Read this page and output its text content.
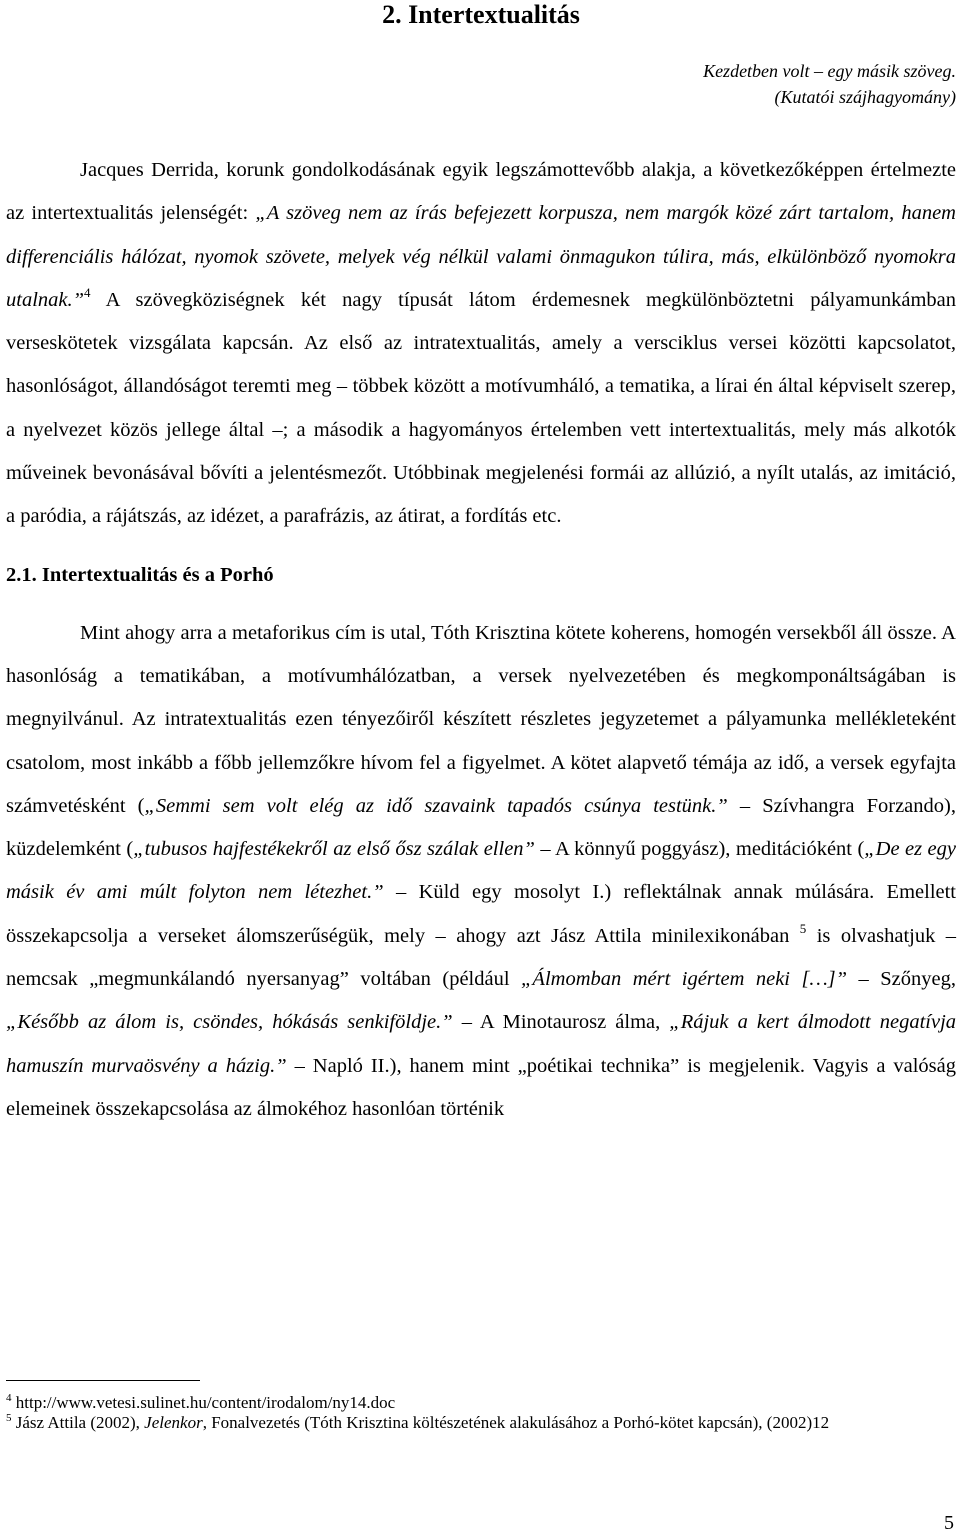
2. Intertextualitás
Kezdetben volt – egy másik szöveg.
(Kutatói szájhagyomány)

Jacques Derrida, korunk gondolkodásának egyik legszámottevőbb alakja, a következőképpen értelmezte az intertextualitás jelenségét: „A szöveg nem az írás befejezett korpusza, nem margók közé zárt tartalom, hanem differenciális hálózat, nyomok szövete, melyek vég nélkül valami önmagukon túlira, más, elkülönböző nyomokra utalnak.”$^4$ A szövegköziségnek két nagy típusát látom érdemesnek megkülönböztetni pályamunkámban verseskötetek vizsgálata kapcsán. Az első az intratextualitás, amely a versciklus versei közötti kapcsolatot, hasonlóságot, állandóságot teremti meg – többek között a motívumháló, a tematika, a lírai én által képviselt szerep, a nyelvezet közös jellege által –; a második a hagyományos értelemben vett intertextualitás, mely más alkotók műveinek bevonásával bővíti a jelentésmezőt. Utóbbinak megjelenési formái az allúzió, a nyílt utalás, az imitáció, a paródia, a rájátszás, az idézet, a parafrázis, az átirat, a fordítás etc.

2.1. Intertextualitás és a Porhó

Mint ahogy arra a metaforikus cím is utal, Tóth Krisztina kötete koherens, homogén versekből áll össze. A hasonlóság a tematikában, a motívumhálózatban, a versek nyelvezetében és megkomponáltságában is megnyilvánul. Az intratextualitás ezen tényezőiről készített részletes jegyzetemet a pályamunka mellékleteként csatolom, most inkább a főbb jellemzőkre hívom fel a figyelmet. A kötet alapvető témája az idő, a versek egyfajta számvetésként („Semmi sem volt elég az idő szavaink tapadós csúnya testünk.” – Szívhangra Forzando), küzdelemként („tubusos hajfestékekről az első ősz szálak ellen” – A könnyű poggyász), meditációként („De ez egy másik év ami múlt folyton nem létezhet.” – Küld egy mosolyt I.) reflektálnak annak múlására. Emellett összekapcsolja a verseket álomszerűségük, mely – ahogy azt Jász Attila minilexikonában $^5$ is olvashatjuk – nemcsak „megmunkálandó nyersanyag” voltában (például „Álmomban mért igértem neki […]” – Szőnyeg, „Később az álom is, csöndes, hókásás senkiföldje.” – A Minotaurosz álma, „Rájuk a kert álmodott negatívja hamuszín murvaösvény a házig.” – Napló II.), hanem mint „poétikai technika” is megjelenik. Vagyis a valóság elemeinek összekapcsolása az álmokéhoz hasonlóan történik

$^4$ http://www.vetesi.sulinet.hu/content/irodalom/ny14.doc

$^5$ Jász Attila (2002), Jelenkor, Fonalvezetés (Tóth Krisztina költészetének alakulásához a Porhó-kötet kapcsán), (2002)12

5
